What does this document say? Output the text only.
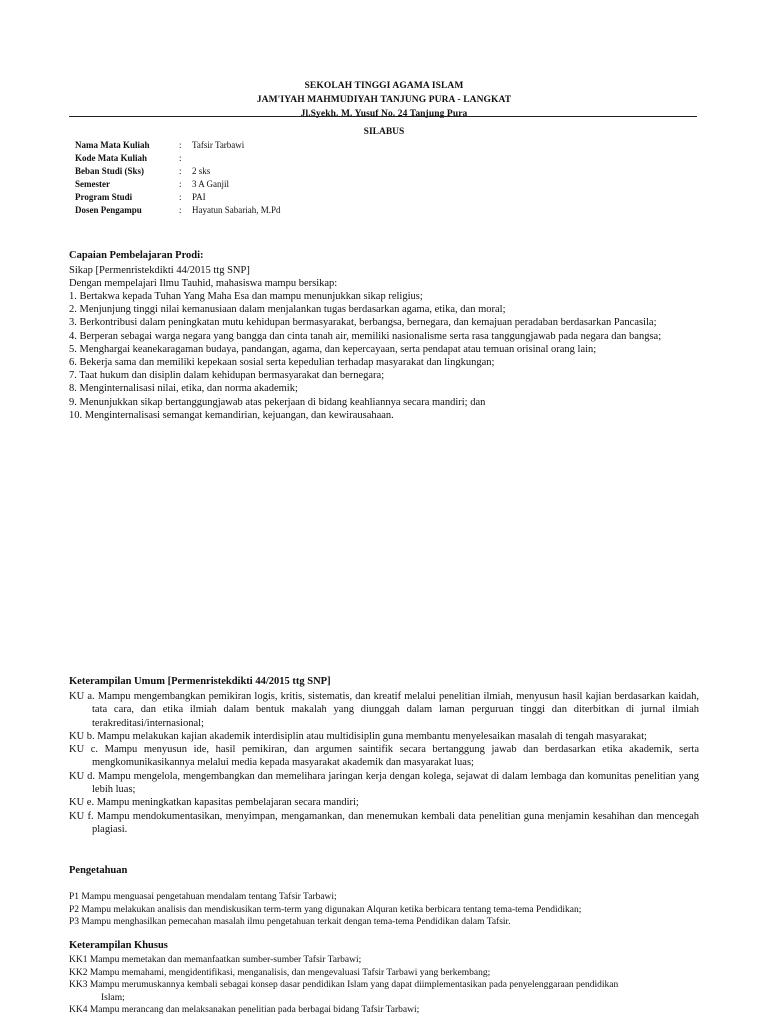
SEKOLAH TINGGI AGAMA ISLAM
JAM'IYAH MAHMUDIYAH TANJUNG PURA - LANGKAT
Jl.Syekh. M. Yusuf No. 24 Tanjung Pura
SILABUS
Nama Mata Kuliah	: Tafsir Tarbawi
Kode Mata Kuliah	:
Beban Studi (Sks)	: 2 sks
Semester	: 3 A Ganjil
Program Studi	: PAI
Dosen Pengampu	: Hayatun Sabariah, M.Pd
Capaian Pembelajaran Prodi:
Sikap [Permenristekdikti 44/2015 ttg SNP]
Dengan mempelajari Ilmu Tauhid, mahasiswa mampu bersikap:
1. Bertakwa kepada Tuhan Yang Maha Esa dan mampu menunjukkan sikap religius;
2. Menjunjung tinggi nilai kemanusiaan dalam menjalankan tugas berdasarkan agama, etika, dan moral;
3. Berkontribusi dalam peningkatan mutu kehidupan bermasyarakat, berbangsa, bernegara, dan kemajuan peradaban berdasarkan Pancasila;
4. Berperan sebagai warga negara yang bangga dan cinta tanah air, memiliki nasionalisme serta rasa tanggungjawab pada negara dan bangsa;
5. Menghargai keanekaragaman budaya, pandangan, agama, dan kepercayaan, serta pendapat atau temuan orisinal orang lain;
6. Bekerja sama dan memiliki kepekaan sosial serta kepedulian terhadap masyarakat dan lingkungan;
7. Taat hukum dan disiplin dalam kehidupan bermasyarakat dan bernegara;
8. Menginternalisasi nilai, etika, dan norma akademik;
9. Menunjukkan sikap bertanggungjawab atas pekerjaan di bidang keahliannya secara mandiri; dan
10. Menginternalisasi semangat kemandirian, kejuangan, dan kewirausahaan.
Keterampilan Umum [Permenristekdikti 44/2015 ttg SNP]
KU a. Mampu mengembangkan pemikiran logis, kritis, sistematis, dan kreatif melalui penelitian ilmiah, menyusun hasil kajian berdasarkan kaidah, tata cara, dan etika ilmiah dalam bentuk makalah yang diunggah dalam laman perguruan tinggi dan diterbitkan di jurnal ilmiah terakreditasi/internasional;
KU b. Mampu melakukan kajian akademik interdisiplin atau multidisiplin guna membantu menyelesaikan masalah di tengah masyarakat;
KU c. Mampu menyusun ide, hasil pemikiran, dan argumen saintifik secara bertanggung jawab dan berdasarkan etika akademik, serta mengkomunikasikannya melalui media kepada masyarakat akademik dan masyarakat luas;
KU d. Mampu mengelola, mengembangkan dan memelihara jaringan kerja dengan kolega, sejawat di dalam lembaga dan komunitas penelitian yang lebih luas;
KU e. Mampu meningkatkan kapasitas pembelajaran secara mandiri;
KU f. Mampu mendokumentasikan, menyimpan, mengamankan, dan menemukan kembali data penelitian guna menjamin kesahihan dan mencegah plagiasi.
Pengetahuan
P1 Mampu menguasai pengetahuan mendalam tentang Tafsir Tarbawi;
P2 Mampu melakukan analisis dan mendiskusikan term-term yang digunakan Alquran ketika berbicara tentang tema-tema Pendidikan;
P3 Mampu menghasilkan pemecahan masalah ilmu pengetahuan terkait dengan tema-tema Pendidikan dalam Tafsir.
Keterampilan Khusus
KK1 Mampu memetakan dan memanfaatkan sumber-sumber Tafsir Tarbawi;
KK2 Mampu memahami, mengidentifikasi, menganalisis, dan mengevaluasi Tafsir Tarbawi yang berkembang;
KK3 Mampu merumuskannya kembali sebagai konsep dasar pendidikan Islam yang dapat diimplementasikan pada penyelenggaraan pendidikan
Islam;
KK4 Mampu merancang dan melaksanakan penelitian pada berbagai bidang Tafsir Tarbawi;
